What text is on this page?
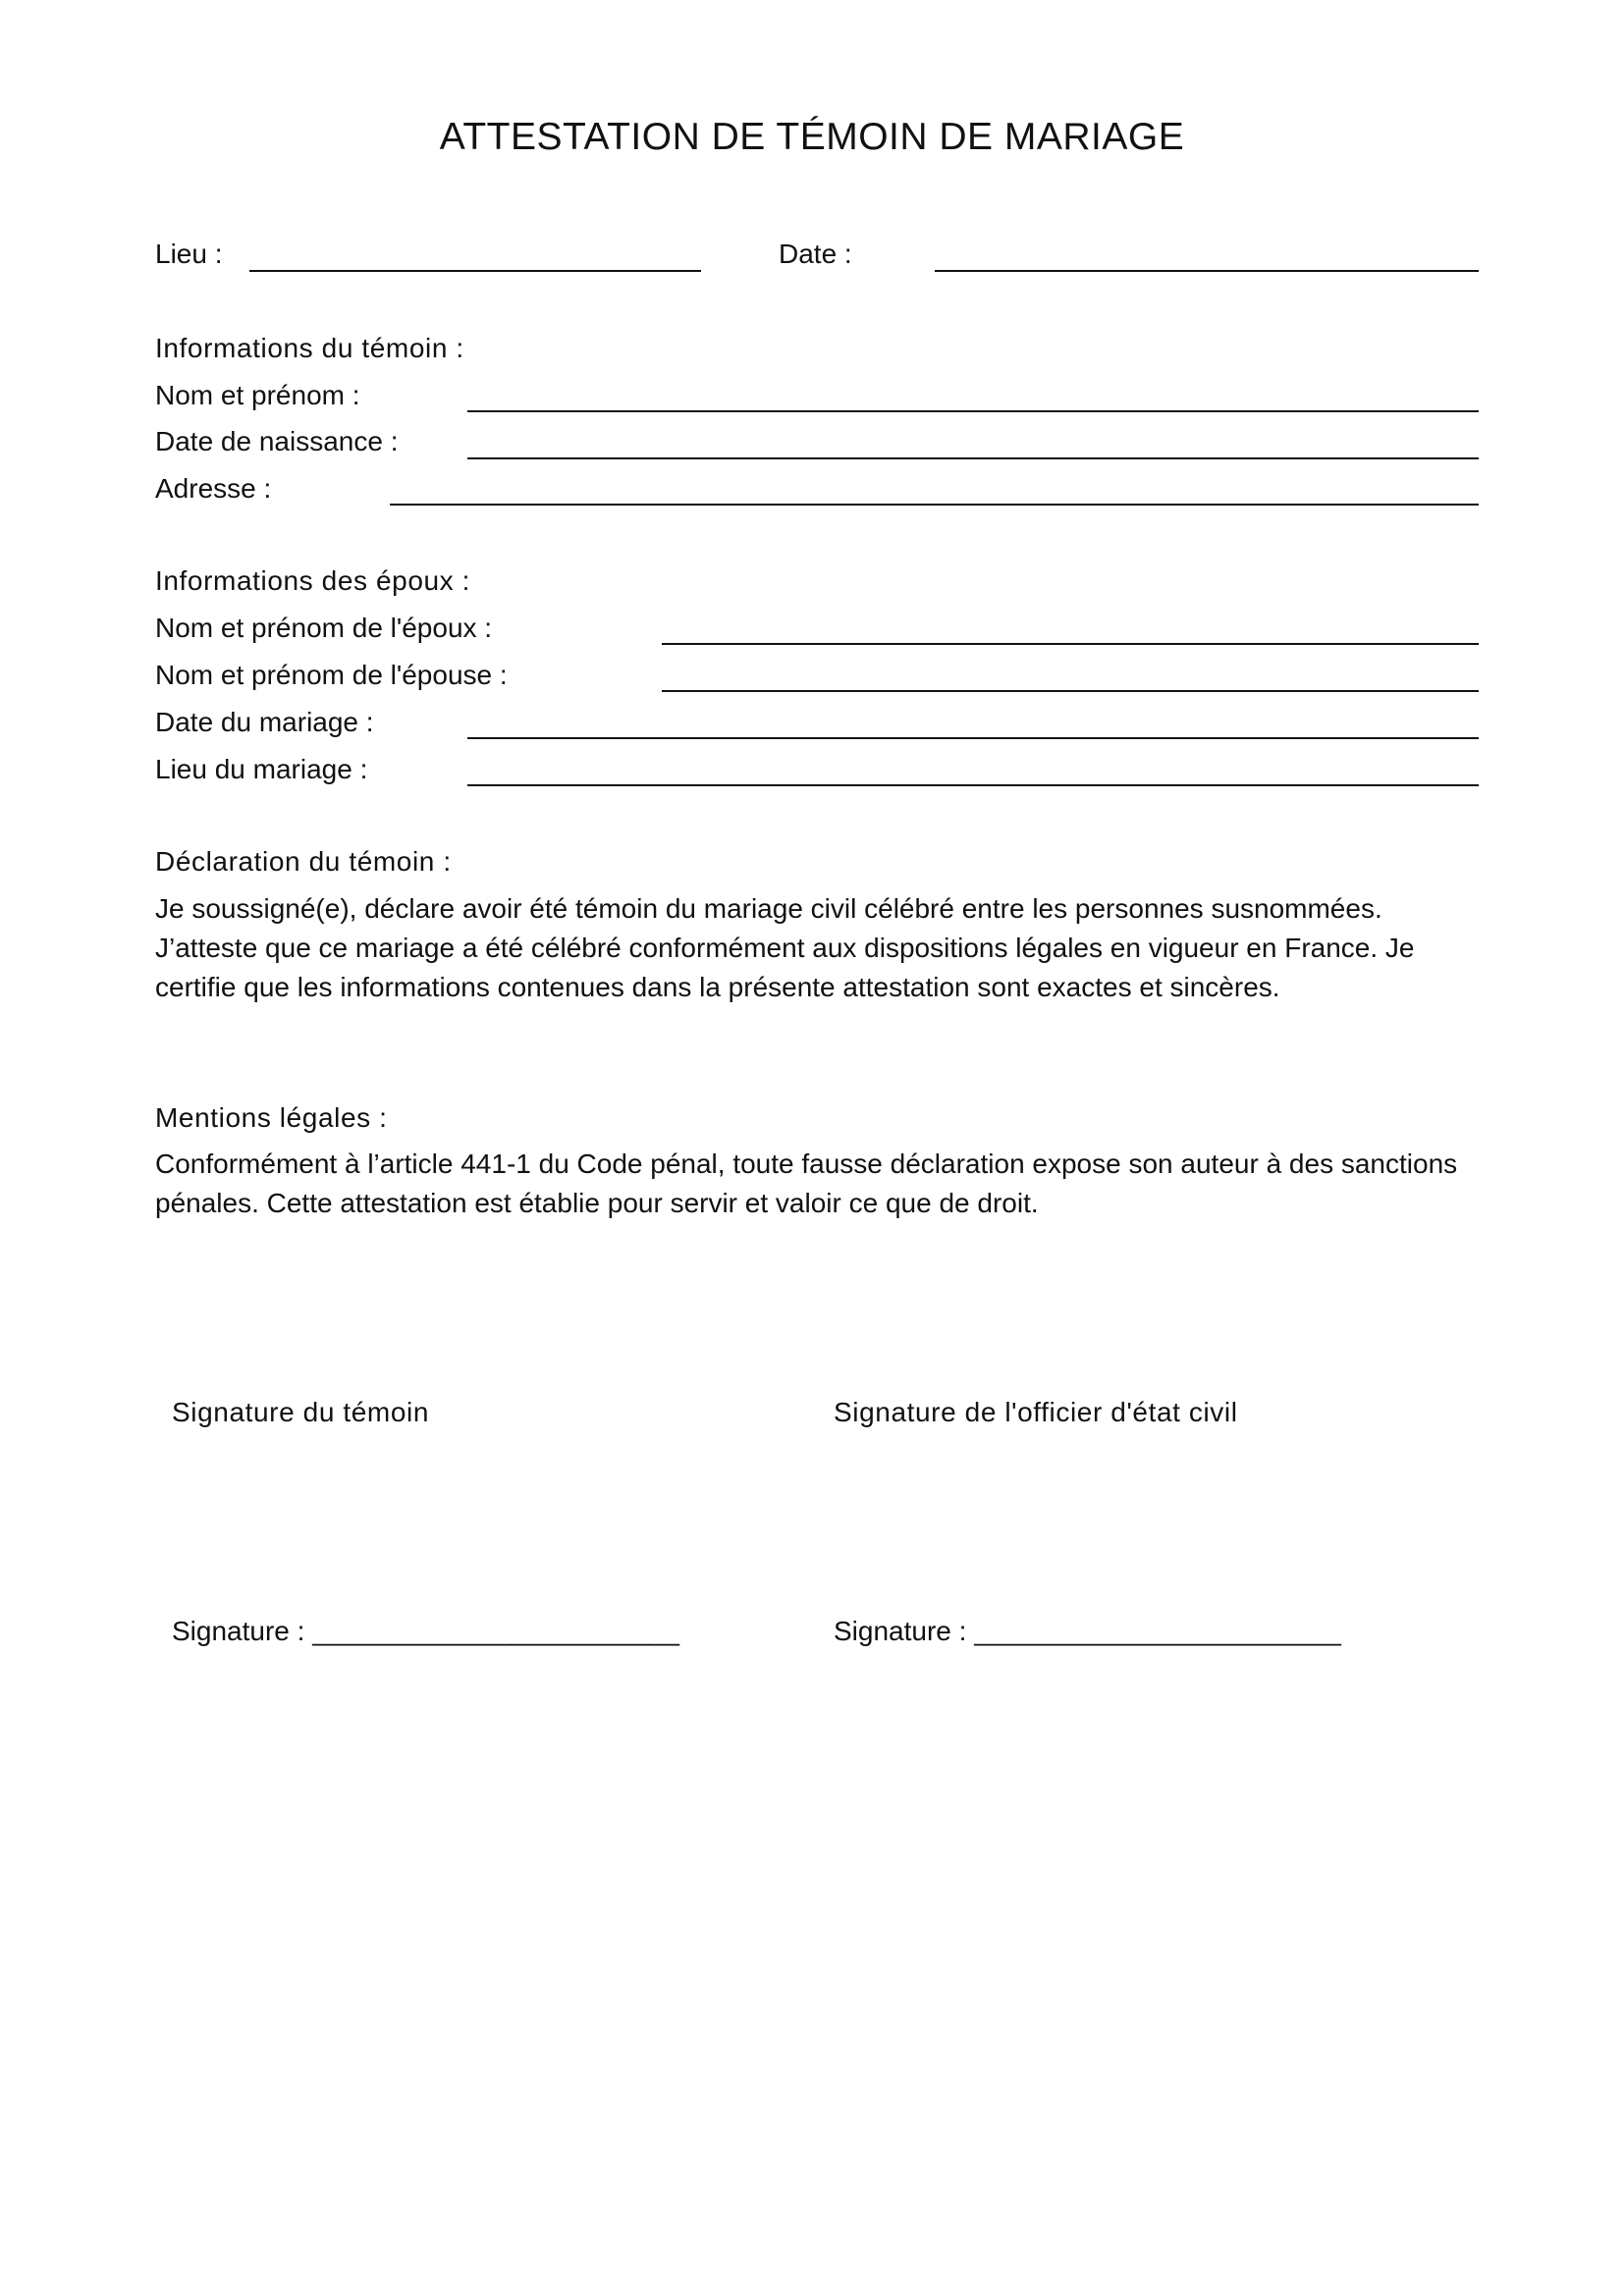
ATTESTATION DE TÉMOIN DE MARIAGE
Lieu :	Date :
Informations du témoin :
Nom et prénom :
Date de naissance :
Adresse :
Informations des époux :
Nom et prénom de l'époux :
Nom et prénom de l'épouse :
Date du mariage :
Lieu du mariage :
Déclaration du témoin :
Je soussigné(e), déclare avoir été témoin du mariage civil célébré entre les personnes susnommées.
J’atteste que ce mariage a été célébré conformément aux dispositions légales en vigueur en France. Je
certifie que les informations contenues dans la présente attestation sont exactes et sincères.
Mentions légales :
Conformément à l’article 441-1 du Code pénal, toute fausse déclaration expose son auteur à des sanctions
pénales. Cette attestation est établie pour servir et valoir ce que de droit.
Signature du témoin	Signature de l'officier d'état civil
Signature : ________________________	Signature : ________________________
